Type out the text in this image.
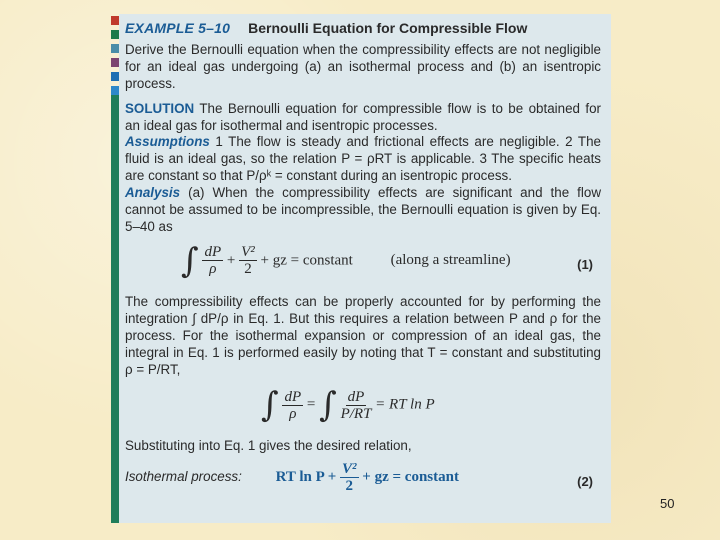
EXAMPLE 5–10 Bernoulli Equation for Compressible Flow

Derive the Bernoulli equation when the compressibility effects are not negligible for an ideal gas undergoing (a) an isothermal process and (b) an isentropic process.

SOLUTION The Bernoulli equation for compressible flow is to be obtained for an ideal gas for isothermal and isentropic processes.

Assumptions 1 The flow is steady and frictional effects are negligible. 2 The fluid is an ideal gas, so the relation P = ρRT is applicable. 3 The specific heats are constant so that P/ρᵏ = constant during an isentropic process.

Analysis (a) When the compressibility effects are significant and the flow cannot be assumed to be incompressible, the Bernoulli equation is given by Eq. 5–40 as

∫ $\frac{dP}{\rho} + \frac{\text{V²}}{2}$ + gz = constant	(along a streamline)	(1)

The compressibility effects can be properly accounted for by performing the integration ∫ dP/ρ in Eq. 1. But this requires a relation between P and ρ for the process. For the isothermal expansion or compression of an ideal gas, the integral in Eq. 1 is performed easily by noting that T = constant and substituting ρ = P/RT,

∫ $\frac{dP}{\rho}$ = ∫ $\frac{dP}{P/RT}$ = RT ln P

Substituting into Eq. 1 gives the desired relation,

Isothermal process: RT $\ln P + \frac{\text{V²}}{2}$ + gz = constant	(2)
50
